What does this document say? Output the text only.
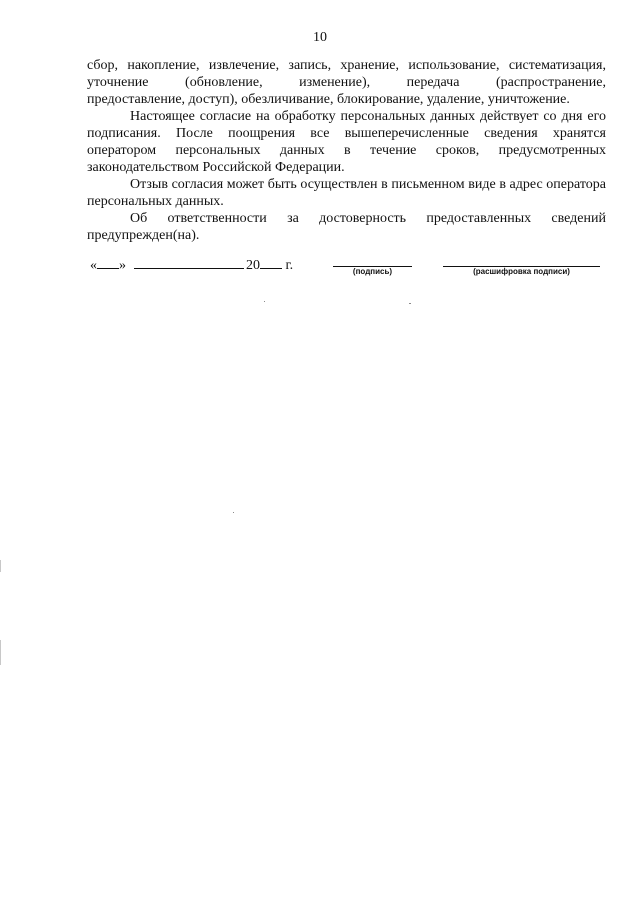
10

сбор, накопление, извлечение, запись, хранение, использование, систематизация, уточнение (обновление, изменение), передача (распространение,

предоставление, доступ), обезличивание, блокирование, удаление, уничтожение.

Настоящее согласие на обработку персональных данных действует со дня его подписания. После поощрения все вышеперечисленные сведения хранятся оператором персональных данных в течение сроков, предусмотренных

законодательством Российской Федерации.

Отзыв согласия может быть осуществлен в письменном виде в адрес оператора персональных данных.

Об ответственности за достоверность предоставленных сведений

предупрежден(на).

« »	20 г.	(подпись)	(расшифровка подписи)
